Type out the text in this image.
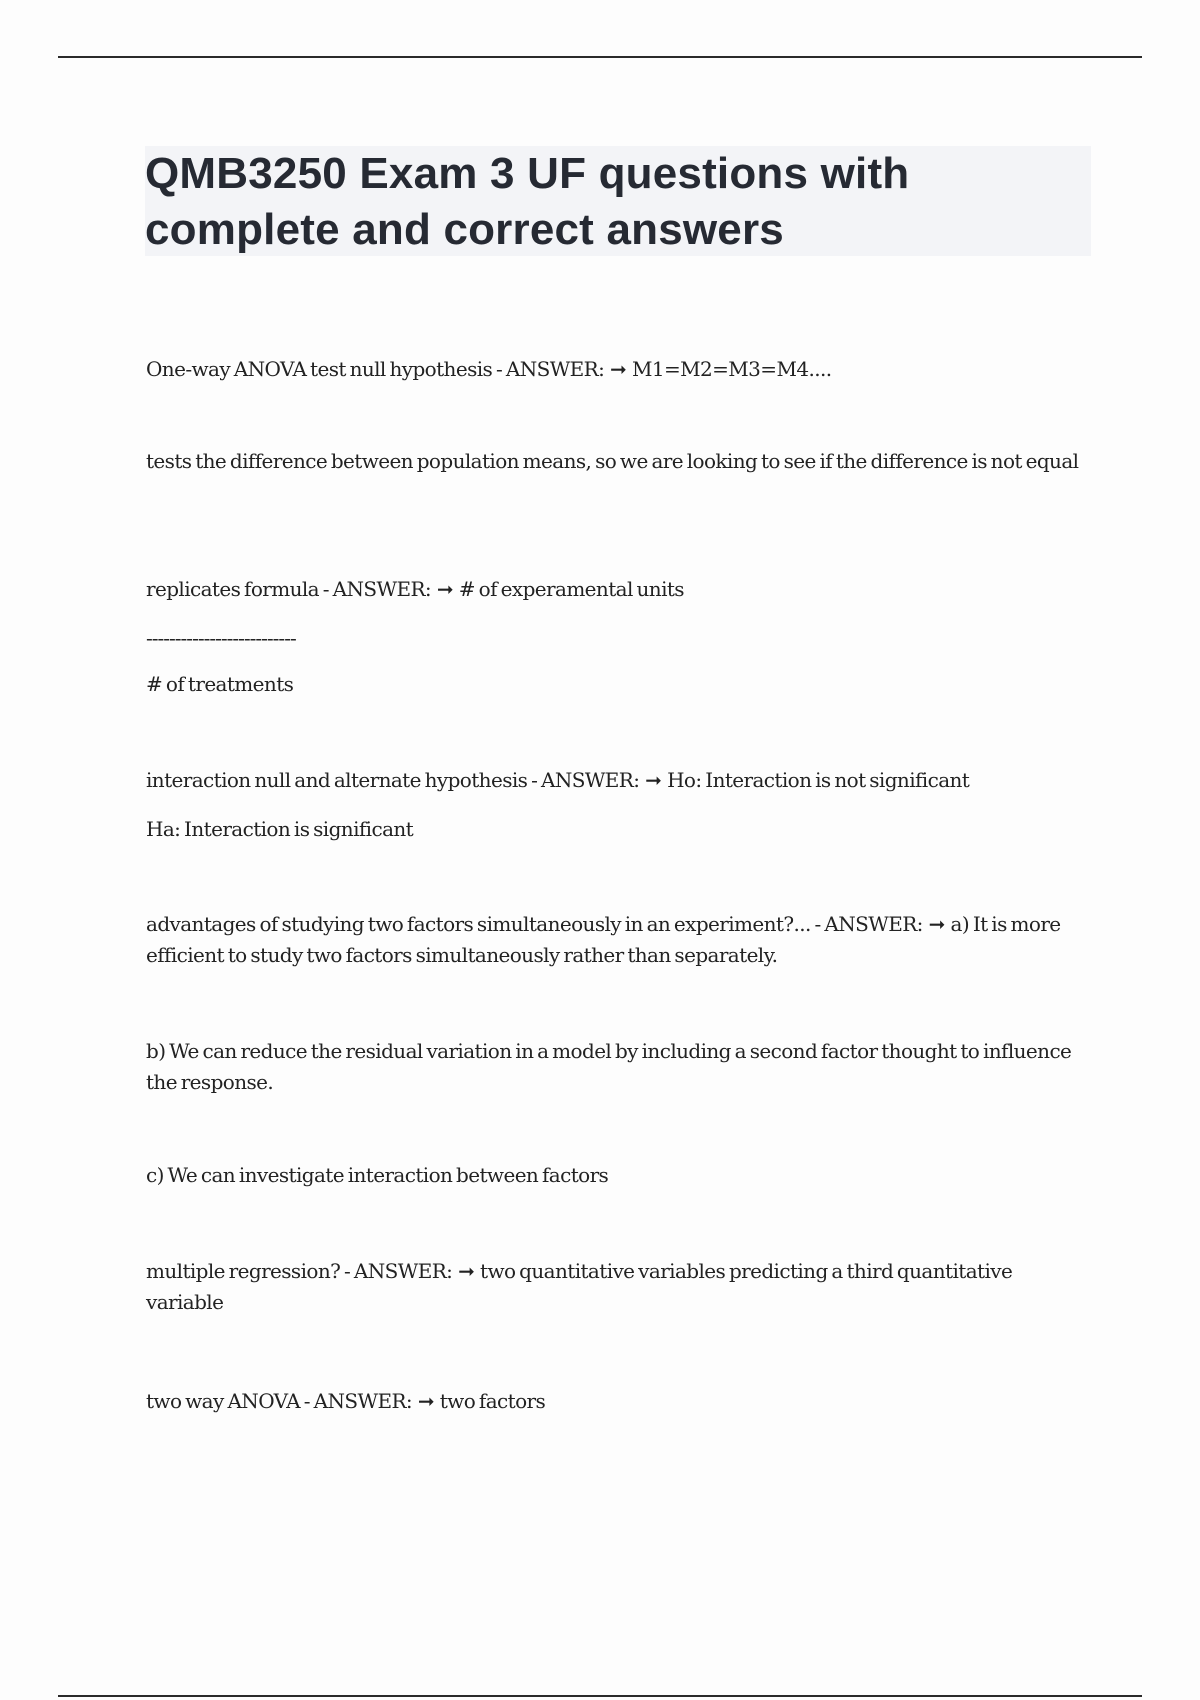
QMB3250 Exam 3 UF questions with complete and correct answers

One-way ANOVA test null hypothesis - ANSWER: ➞ M1=M2=M3=M4....

tests the difference between population means, so we are looking to see if the difference is not equal

replicates formula - ANSWER: ➞ # of experamental units

--------------------------

# of treatments

interaction null and alternate hypothesis - ANSWER: ➞ Ho: Interaction is not significant

Ha: Interaction is significant

advantages of studying two factors simultaneously in an experiment?... - ANSWER: ➞ a) It is more efficient to study two factors simultaneously rather than separately.

b) We can reduce the residual variation in a model by including a second factor thought to influence the response.

c) We can investigate interaction between factors

multiple regression? - ANSWER: ➞ two quantitative variables predicting a third quantitative variable

two way ANOVA - ANSWER: ➞ two factors
